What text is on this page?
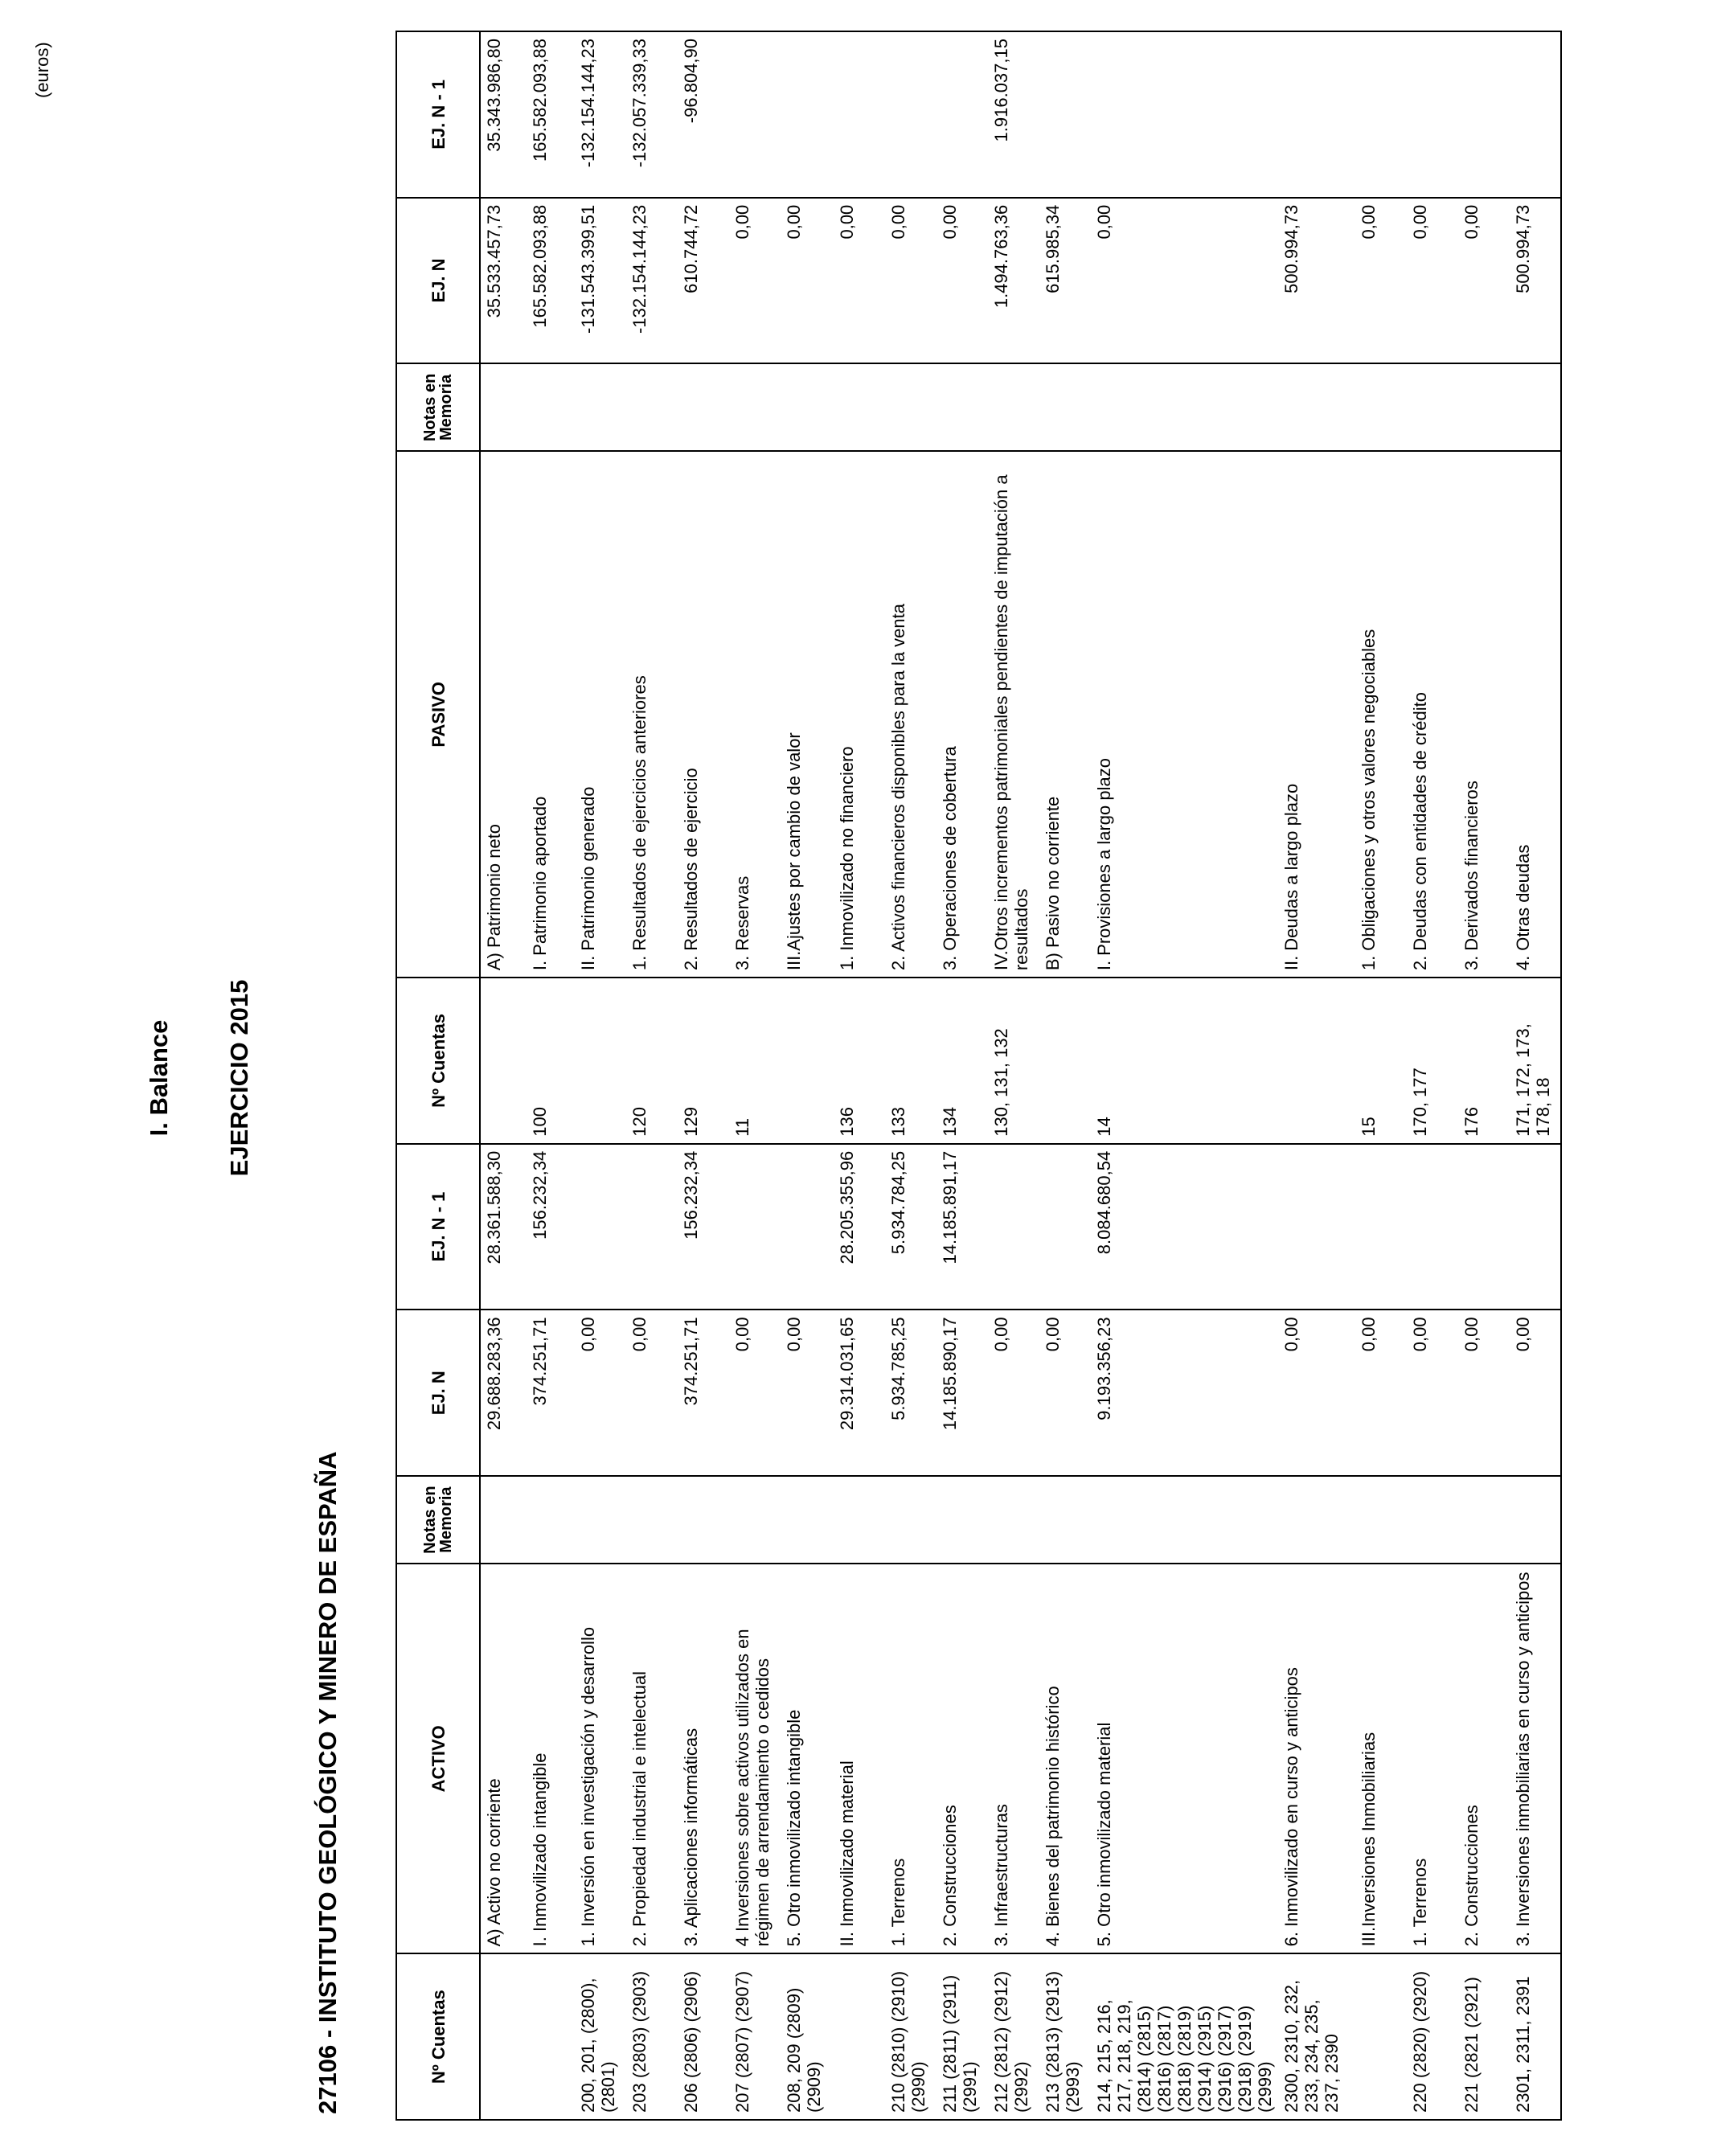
I. Balance EJERCICIO 2015
27106 - INSTITUTO GEOLÓGICO Y MINERO DE ESPAÑA
(euros)
Nº Cuentas	ACTIVO	Notas en Memoria	EJ. N	EJ. N - 1	Nº Cuentas	PASIVO	Notas en Memoria	EJ. N	EJ. N - 1
	A) Activo no corriente		29.688.283,36	28.361.588,30		A) Patrimonio neto		35.533.457,73	35.343.986,80
	I. Inmovilizado intangible		374.251,71	156.232,34	100	I. Patrimonio aportado		165.582.093,88	165.582.093,88
200, 201, (2800), (2801)	1. Inversión en investigación y desarrollo		0,00			II. Patrimonio generado		-131.543.399,51	-132.154.144,23
203 (2803) (2903)	2. Propiedad industrial e intelectual		0,00		120	1. Resultados de ejercicios anteriores		-132.154.144,23	-132.057.339,33
206 (2806) (2906)	3. Aplicaciones informáticas		374.251,71	156.232,34	129	2. Resultados de ejercicio		610.744,72	-96.804,90
207 (2807) (2907)	4 Inversiones sobre activos utilizados en régimen de arrendamiento o cedidos		0,00		11	3. Reservas		0,00	
208, 209 (2809) (2909)	5. Otro inmovilizado intangible		0,00			III.Ajustes por cambio de valor		0,00	
	II. Inmovilizado material		29.314.031,65	28.205.355,96	136	1. Inmovilizado no financiero		0,00	
210 (2810) (2910) (2990)	1. Terrenos		5.934.785,25	5.934.784,25	133	2. Activos financieros disponibles para la venta		0,00	
211 (2811) (2911) (2991)	2. Construcciones		14.185.890,17	14.185.891,17	134	3. Operaciones de cobertura		0,00	
212 (2812) (2912) (2992)	3. Infraestructuras		0,00		130, 131, 132	IV.Otros incrementos patrimoniales pendientes de imputación a resultados		1.494.763,36	1.916.037,15
213 (2813) (2913) (2993)	4. Bienes del patrimonio histórico		0,00			B) Pasivo no corriente		615.985,34	
214, 215, 216, 217, 218, 219, (2814) (2815) (2816) (2817) (2818) (2819) (2914) (2915) (2916) (2917) (2918) (2919) (2999)	5. Otro inmovilizado material		9.193.356,23	8.084.680,54	14	I. Provisiones a largo plazo		0,00	
2300, 2310, 232, 233, 234, 235, 237, 2390	6. Inmovilizado en curso y anticipos		0,00			II. Deudas a largo plazo		500.994,73	
	III.Inversiones Inmobiliarias		0,00		15	1. Obligaciones y otros valores negociables		0,00	
220 (2820) (2920)	1. Terrenos		0,00		170, 177	2. Deudas con entidades de crédito		0,00	
221 (2821 (2921)	2. Construcciones		0,00		176	3. Derivados financieros		0,00	
2301, 2311, 2391	3. Inversiones inmobiliarias en curso y anticipos		0,00		171, 172, 173, 178, 18	4. Otras deudas		500.994,73	
